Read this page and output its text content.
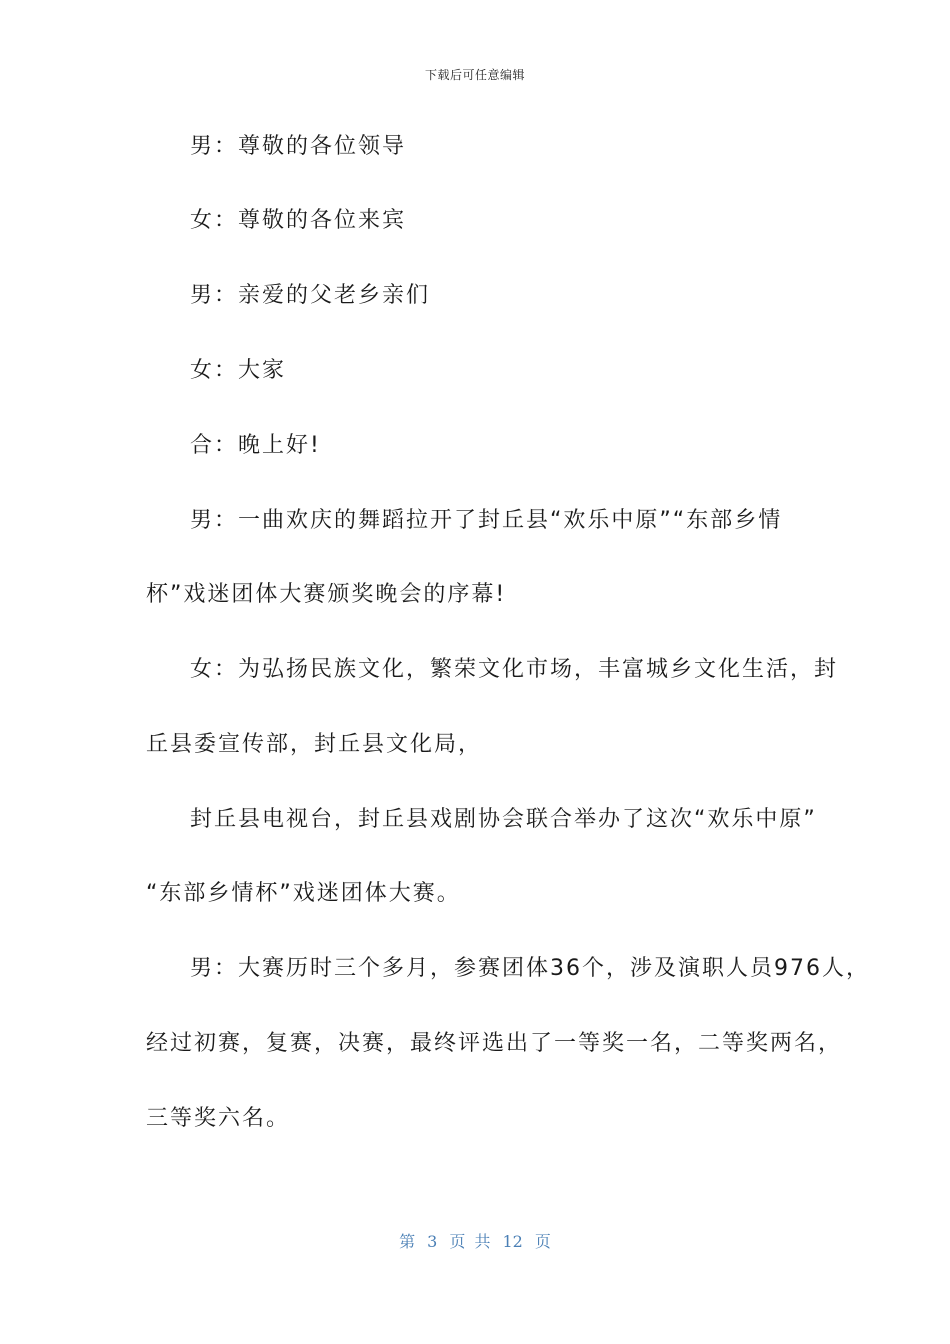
下载后可任意编辑
男：尊敬的各位领导
女：尊敬的各位来宾
男：亲爱的父老乡亲们
女：大家
合：晚上好!
男：一曲欢庆的舞蹈拉开了封丘县“欢乐中原”“东部乡情
杯”戏迷团体大赛颁奖晚会的序幕!
女：为弘扬民族文化，繁荣文化市场，丰富城乡文化生活，封
丘县委宣传部，封丘县文化局，
封丘县电视台，封丘县戏剧协会联合举办了这次“欢乐中原”
“东部乡情杯”戏迷团体大赛。
男：大赛历时三个多月，参赛团体36个，涉及演职人员976人，
经过初赛，复赛，决赛，最终评选出了一等奖一名，二等奖两名，
三等奖六名。
第 3 页 共 12 页
